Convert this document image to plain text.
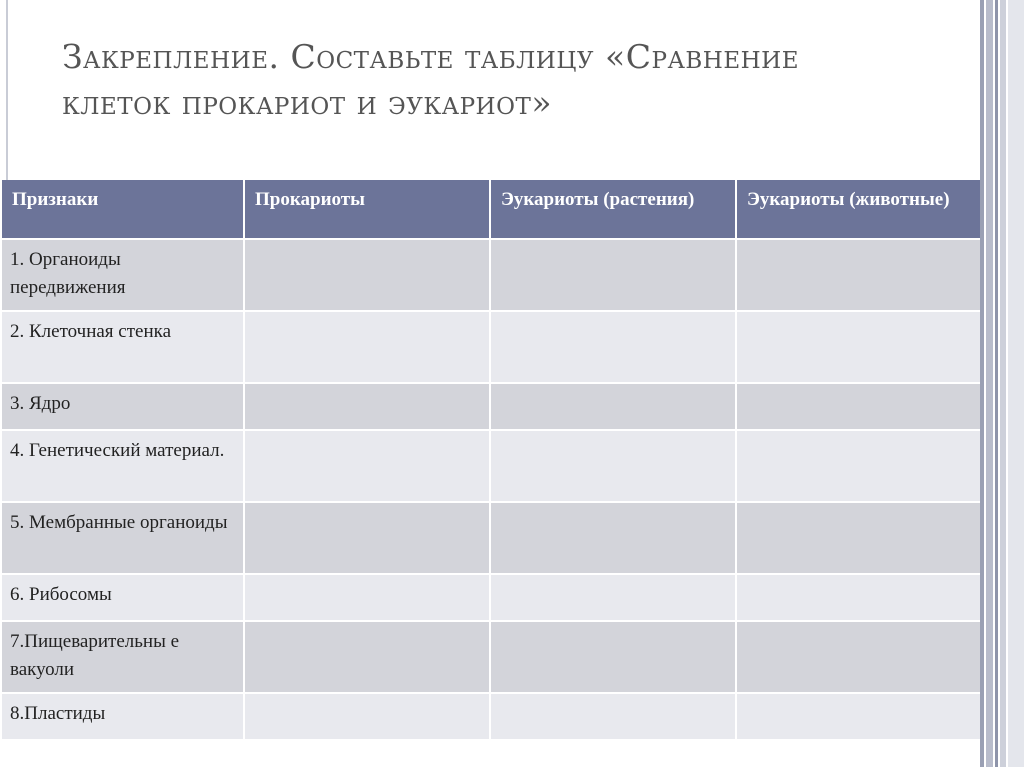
Закрепление. Составьте таблицу «Сравнение
клеток прокариот и эукариот»
Признаки	Прокариоты	Эукариоты (растения)	Эукариоты (животные)
1. Органоиды передвижения			
2. Клеточная стенка			
3. Ядро			
4. Генетический материал.			
5. Мембранные органоиды			
6. Рибосомы			
7.Пищеварительны е вакуоли			
8.Пластиды			
